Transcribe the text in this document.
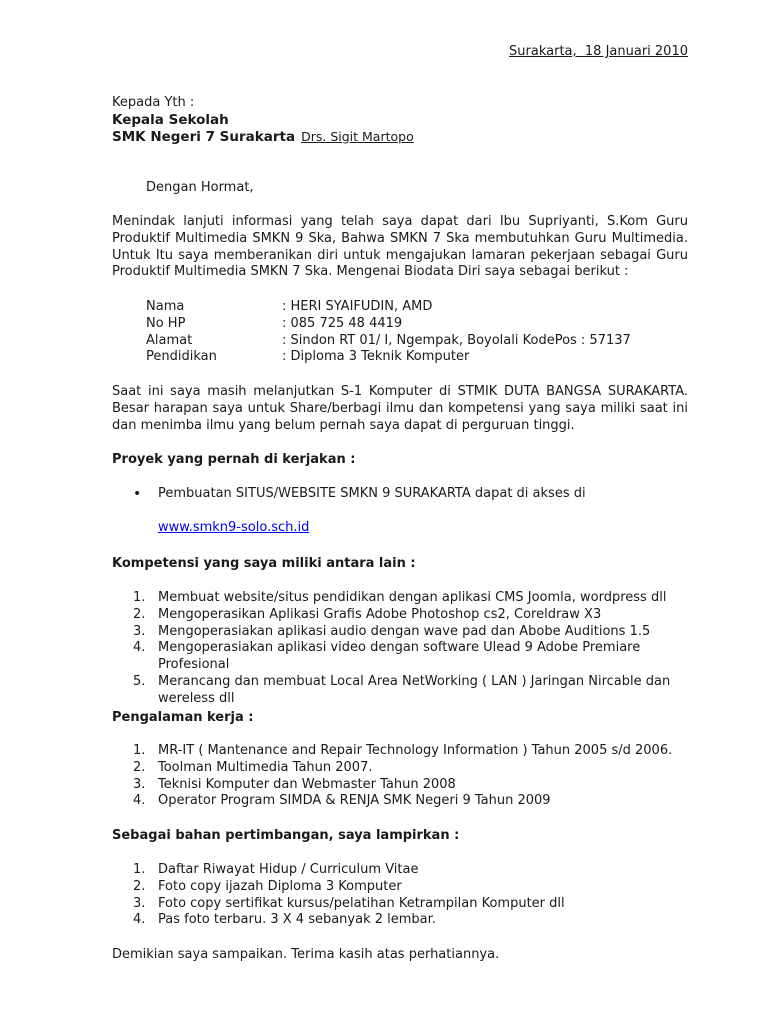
Surakarta,  18 Januari 2010

Kepada Yth :

Kepala Sekolah

SMK Negeri 7 Surakarta Drs. Sigit Martopo

Dengan Hormat,

Menindak lanjuti informasi yang telah saya dapat dari Ibu Supriyanti, S.Kom Guru Produktif Multimedia SMKN 9 Ska, Bahwa SMKN 7 Ska membutuhkan Guru Multimedia. Untuk Itu saya memberanikan diri untuk mengajukan lamaran pekerjaan sebagai Guru Produktif Multimedia SMKN 7 Ska. Mengenai Biodata Diri saya sebagai berikut :

Nama	: HERI SYAIFUDIN, AMD
No HP	: 085 725 48 4419
Alamat	: Sindon RT 01/ I, Ngempak, Boyolali KodePos : 57137
Pendidikan	: Diploma 3 Teknik Komputer

Saat ini saya masih melanjutkan S-1 Komputer di STMIK DUTA BANGSA SURAKARTA. Besar harapan saya untuk Share/berbagi ilmu dan kompetensi yang saya miliki saat ini dan menimba ilmu yang belum pernah saya dapat di perguruan tinggi.

Proyek yang pernah di kerjakan :

• Pembuatan SITUS/WEBSITE SMKN 9 SURAKARTA dapat di akses di
www.smkn9-solo.sch.id

Kompetensi yang saya miliki antara lain :

1. Membuat website/situs pendidikan dengan aplikasi CMS Joomla, wordpress dll
2. Mengoperasikan Aplikasi Grafis Adobe Photoshop cs2, Coreldraw X3
3. Mengoperasiakan aplikasi audio dengan wave pad dan Abobe Auditions 1.5
4. Mengoperasiakan aplikasi video dengan software Ulead 9 Adobe Premiare Profesional
5. Merancang dan membuat Local Area NetWorking ( LAN ) Jaringan Nircable dan wereless dll

Pengalaman kerja :

1. MR-IT ( Mantenance and Repair Technology Information ) Tahun 2005 s/d 2006.
2. Toolman Multimedia Tahun 2007.
3. Teknisi Komputer dan Webmaster Tahun 2008
4. Operator Program SIMDA & RENJA SMK Negeri 9 Tahun 2009

Sebagai bahan pertimbangan, saya lampirkan :

1. Daftar Riwayat Hidup / Curriculum Vitae
2. Foto copy ijazah Diploma 3 Komputer
3. Foto copy sertifikat kursus/pelatihan Ketrampilan Komputer dll
4. Pas foto terbaru. 3 X 4 sebanyak 2 lembar.
Demikian saya sampaikan. Terima kasih atas perhatiannya.
